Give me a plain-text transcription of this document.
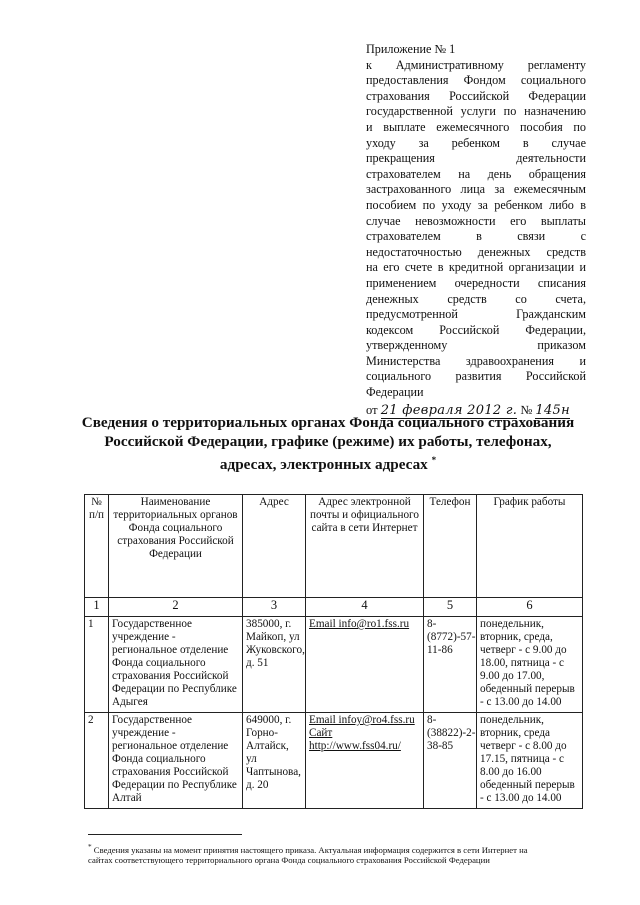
Приложение № 1
к Административному регламенту
предоставления Фондом социального
страхования Российской Федерации
государственной услуги по назначению
и выплате ежемесячного пособия по
уходу за ребенком в случае
прекращения деятельности
страхователем на день обращения
застрахованного лица за ежемесячным
пособием по уходу за ребенком либо в
случае невозможности его выплаты
страхователем в связи с
недостаточностью денежных средств
на его счете в кредитной организации и
применением очередности списания
денежных средств со счета,
предусмотренной Гражданским
кодексом Российской Федерации,
утвержденному приказом
Министерства здравоохранения и
социального развития Российской
Федерации
от 21 февраля 2012 г. № 145н
Сведения о территориальных органах Фонда социального страхования
Российской Федерации, графике (режиме) их работы, телефонах,
адресах, электронных адресах *
№ п/п	Наименование территориальных органов Фонда социального страхования Российской Федерации	Адрес	Адрес электронной почты и официального сайта в сети Интернет	Телефон	График работы
1	2	3	4	5	6
1	Государственное учреждение - региональное отделение Фонда социального страхования Российской Федерации по Республике Адыгея	385000, г. Майкоп, ул Жуковского, д. 51	Email info@ro1.fss.ru	8-(8772)-57-11-86	понедельник, вторник, среда, четверг - с 9.00 до 18.00, пятница - с 9.00 до 17.00, обеденный перерыв - с 13.00 до 14.00
2	Государственное учреждение - региональное отделение Фонда социального страхования Российской Федерации по Республике Алтай	649000, г. Горно-Алтайск, ул Чаптынова, д. 20	Email infoy@ro4.fss.ru
Сайт http://www.fss04.ru/	8-(38822)-2-38-85	понедельник, вторник, среда четверг - с 8.00 до 17.15, пятница - с 8.00 до 16.00 обеденный перерыв - с 13.00 до 14.00
* Сведения указаны на момент принятия настоящего приказа. Актуальная информация содержится в сети Интернет на
сайтах соответствующего территориального органа Фонда социального страхования Российской Федерации
